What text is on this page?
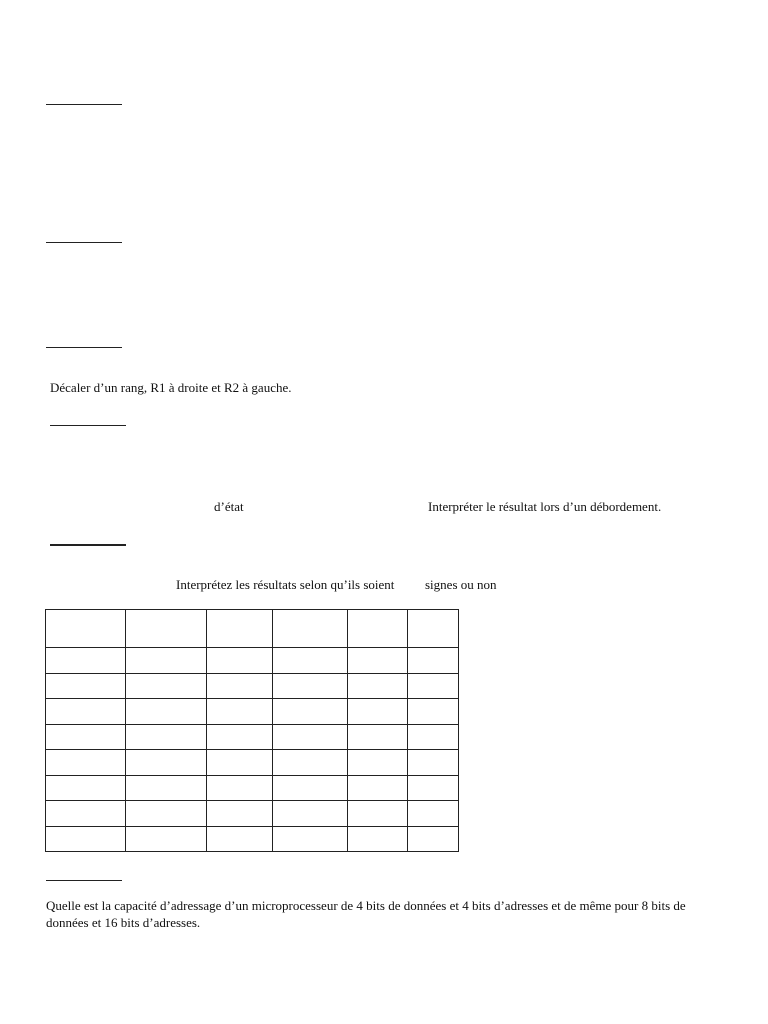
Décaler d’un rang, R1 à droite et R2 à gauche.
d’état	Interpréter le résultat lors d’un débordement.
Interprétez les résultats selon qu’ils soient signes ou non

Quelle est la capacité d’adressage d’un microprocesseur de 4 bits de données et 4 bits d’adresses et de même pour 8 bits de données et 16 bits d’adresses.
